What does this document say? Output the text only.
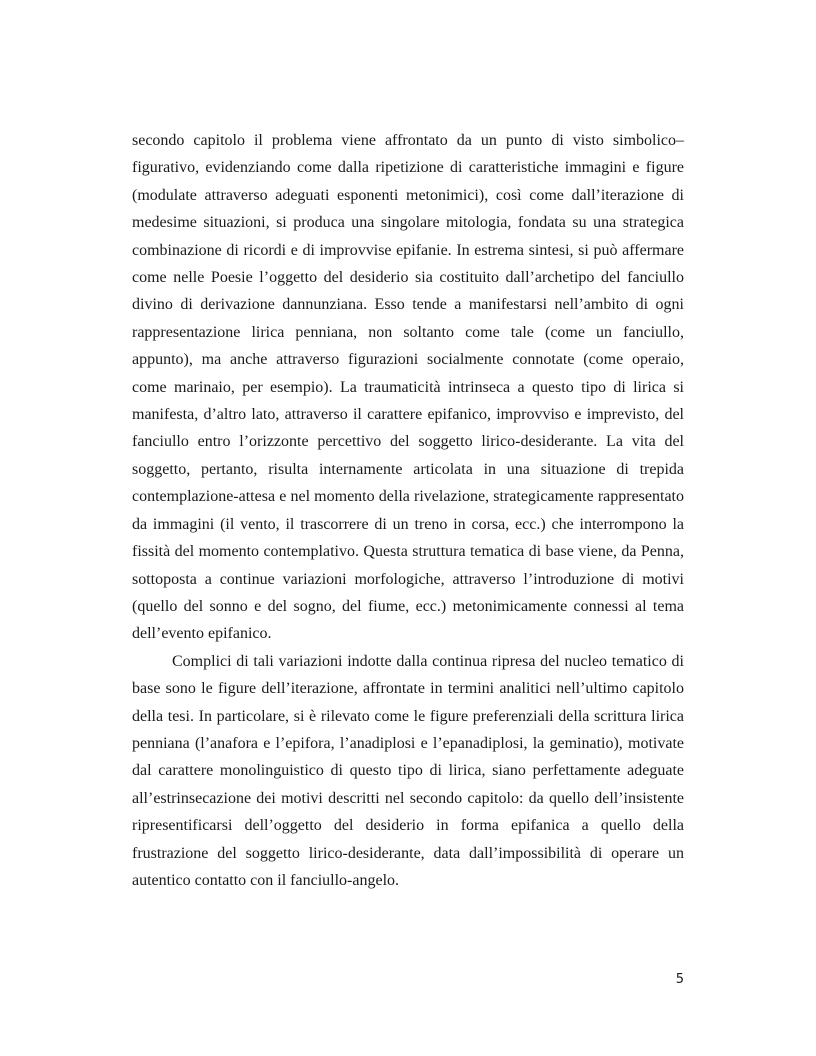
secondo capitolo il problema viene affrontato da un punto di visto simbolico–figurativo, evidenziando come dalla ripetizione di caratteristiche immagini e figure (modulate attraverso adeguati esponenti metonimici), così come dall’iterazione di medesime situazioni, si produca una singolare mitologia, fondata su una strategica combinazione di ricordi e di improvvise epifanie. In estrema sintesi, si può affermare come nelle Poesie l’oggetto del desiderio sia costituito dall’archetipo del fanciullo divino di derivazione dannunziana. Esso tende a manifestarsi nell’ambito di ogni rappresentazione lirica penniana, non soltanto come tale (come un fanciullo, appunto), ma anche attraverso figurazioni socialmente connotate (come operaio, come marinaio, per esempio). La traumaticità intrinseca a questo tipo di lirica si manifesta, d’altro lato, attraverso il carattere epifanico, improvviso e imprevisto, del fanciullo entro l’orizzonte percettivo del soggetto lirico-desiderante. La vita del soggetto, pertanto, risulta internamente articolata in una situazione di trepida contemplazione-attesa e nel momento della rivelazione, strategicamente rappresentato da immagini (il vento, il trascorrere di un treno in corsa, ecc.) che interrompono la fissità del momento contemplativo. Questa struttura tematica di base viene, da Penna, sottoposta a continue variazioni morfologiche, attraverso l’introduzione di motivi (quello del sonno e del sogno, del fiume, ecc.) metonimicamente connessi al tema dell’evento epifanico.

Complici di tali variazioni indotte dalla continua ripresa del nucleo tematico di base sono le figure dell’iterazione, affrontate in termini analitici nell’ultimo capitolo della tesi. In particolare, si è rilevato come le figure preferenziali della scrittura lirica penniana (l’anafora e l’epifora, l’anadiplosi e l’epanadiplosi, la geminatio), motivate dal carattere monolinguistico di questo tipo di lirica, siano perfettamente adeguate all’estrinsecazione dei motivi descritti nel secondo capitolo: da quello dell’insistente ripresentificarsi dell’oggetto del desiderio in forma epifanica a quello della frustrazione del soggetto lirico-desiderante, data dall’impossibilità di operare un autentico contatto con il fanciullo-angelo.

5
